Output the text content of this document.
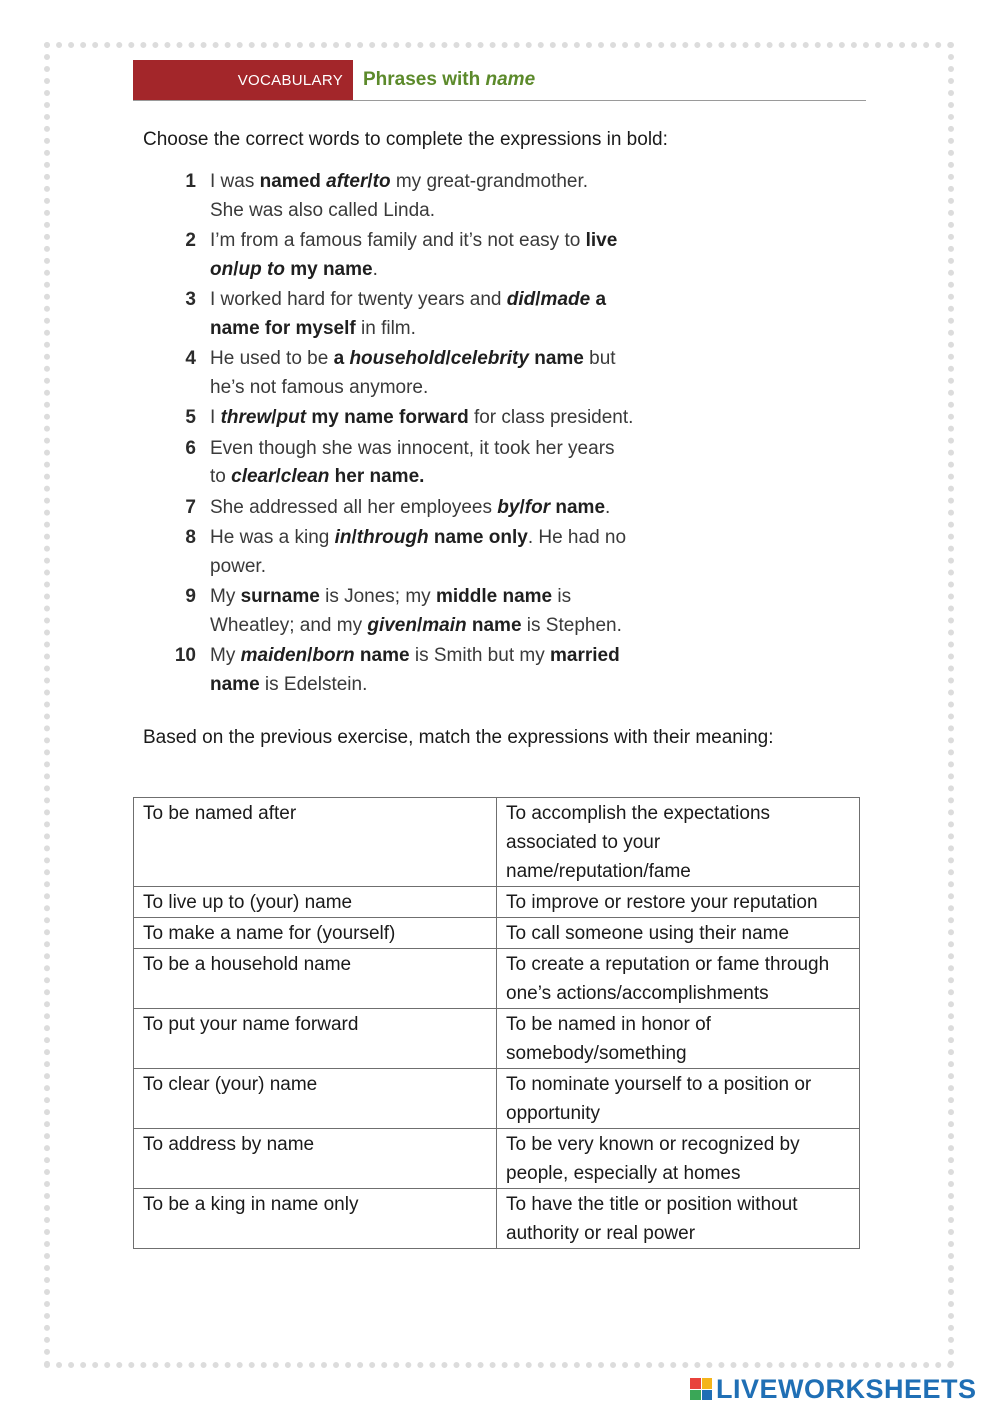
VOCABULARY	Phrases with name
Choose the correct words to complete the expressions in bold:
1 I was named after/to my great-grandmother.
She was also called Linda.
2 I’m from a famous family and it’s not easy to live
on/up to my name.
3 I worked hard for twenty years and did/made a
name for myself in film.
4 He used to be a household/celebrity name but
he’s not famous anymore.
5 I threw/put my name forward for class president.
6 Even though she was innocent, it took her years
to clear/clean her name.
7 She addressed all her employees by/for name.
8 He was a king in/through name only. He had no
power.
9 My surname is Jones; my middle name is
Wheatley; and my given/main name is Stephen.
10 My maiden/born name is Smith but my married
name is Edelstein.
Based on the previous exercise, match the expressions with their meaning:
To be named after	To accomplish the expectations associated to your name/reputation/fame
To live up to (your) name	To improve or restore your reputation
To make a name for (yourself)	To call someone using their name
To be a household name	To create a reputation or fame through one’s actions/accomplishments
To put your name forward	To be named in honor of somebody/something
To clear (your) name	To nominate yourself to a position or opportunity
To address by name	To be very known or recognized by people, especially at homes
To be a king in name only	To have the title or position without authority or real power
LIVEWORKSHEETS
